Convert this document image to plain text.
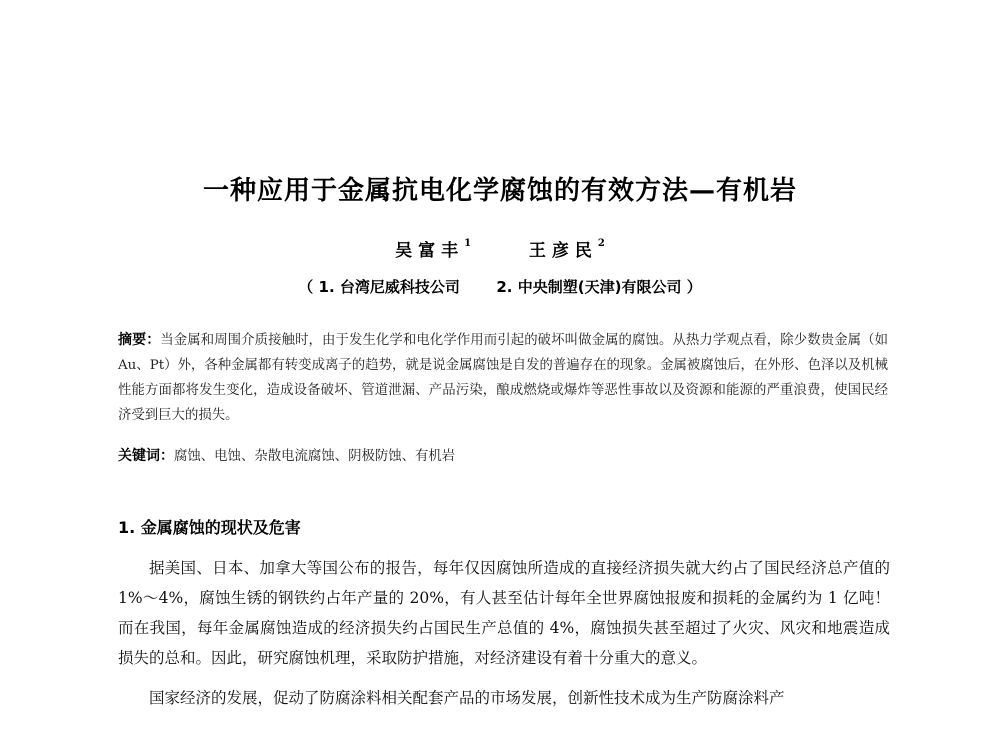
一种应用于金属抗电化学腐蚀的有效方法—有机岩
吴富丰$^1$	王彦民$^2$
（ 1. 台湾尼威科技公司 2. 中央制塑(天津)有限公司 ）
摘要：当金属和周围介质接触时，由于发生化学和电化学作用而引起的破坏叫做金属的腐蚀。从热力学观点看，除少数贵金属（如 Au、Pt）外，各种金属都有转变成离子的趋势，就是说金属腐蚀是自发的普遍存在的现象。金属被腐蚀后，在外形、色泽以及机械性能方面都将发生变化，造成设备破坏、管道泄漏、产品污染，酿成燃烧或爆炸等恶性事故以及资源和能源的严重浪费，使国民经济受到巨大的损失。
关键词：腐蚀、电蚀、杂散电流腐蚀、阴极防蚀、有机岩
1. 金属腐蚀的现状及危害

据美国、日本、加拿大等国公布的报告，每年仅因腐蚀所造成的直接经济损失就大约占了国民经济总产值的 1%～4%，腐蚀生锈的钢铁约占年产量的 20%，有人甚至估计每年全世界腐蚀报废和损耗的金属约为 1 亿吨！而在我国，每年金属腐蚀造成的经济损失约占国民生产总值的 4%，腐蚀损失甚至超过了火灾、风灾和地震造成损失的总和。因此，研究腐蚀机理，采取防护措施，对经济建设有着十分重大的意义。

国家经济的发展，促动了防腐涂料相关配套产品的市场发展，创新性技术成为生产防腐涂料产
